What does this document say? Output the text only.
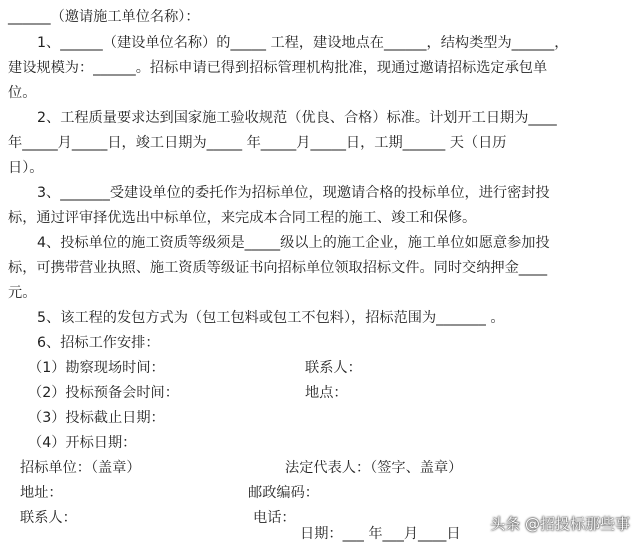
______（邀请施工单位名称）：
1、______（建设单位名称）的_____ 工程，建设地点在______，结构类型为______，
建设规模为：______。招标申请已得到招标管理机构批准，现通过邀请招标选定承包单
位。
2、工程质量要求达到国家施工验收规范（优良、合格）标准。计划开工日期为____
年_____月_____日，竣工日期为_____ 年_____月_____日，工期______ 天（日历
日）。
3、_______受建设单位的委托作为招标单位，现邀请合格的投标单位，进行密封投
标，通过评审择优选出中标单位，来完成本合同工程的施工、竣工和保修。
4、投标单位的施工资质等级须是_____级以上的施工企业，施工单位如愿意参加投
标，可携带营业执照、施工资质等级证书向招标单位领取招标文件。同时交纳押金____
元。
5、该工程的发包方式为（包工包料或包工不包料），招标范围为_______ 。
6、招标工作安排：
（1）勘察现场时间：	联系人：
（2）投标预备会时间：	地点：
（3）投标截止日期：
（4）开标日期：
招标单位：（盖章）	法定代表人：（签字、盖章）
地址：	邮政编码：
联系人：	电话：
日期：___ 年___月____日
头条 @招投标那些事
